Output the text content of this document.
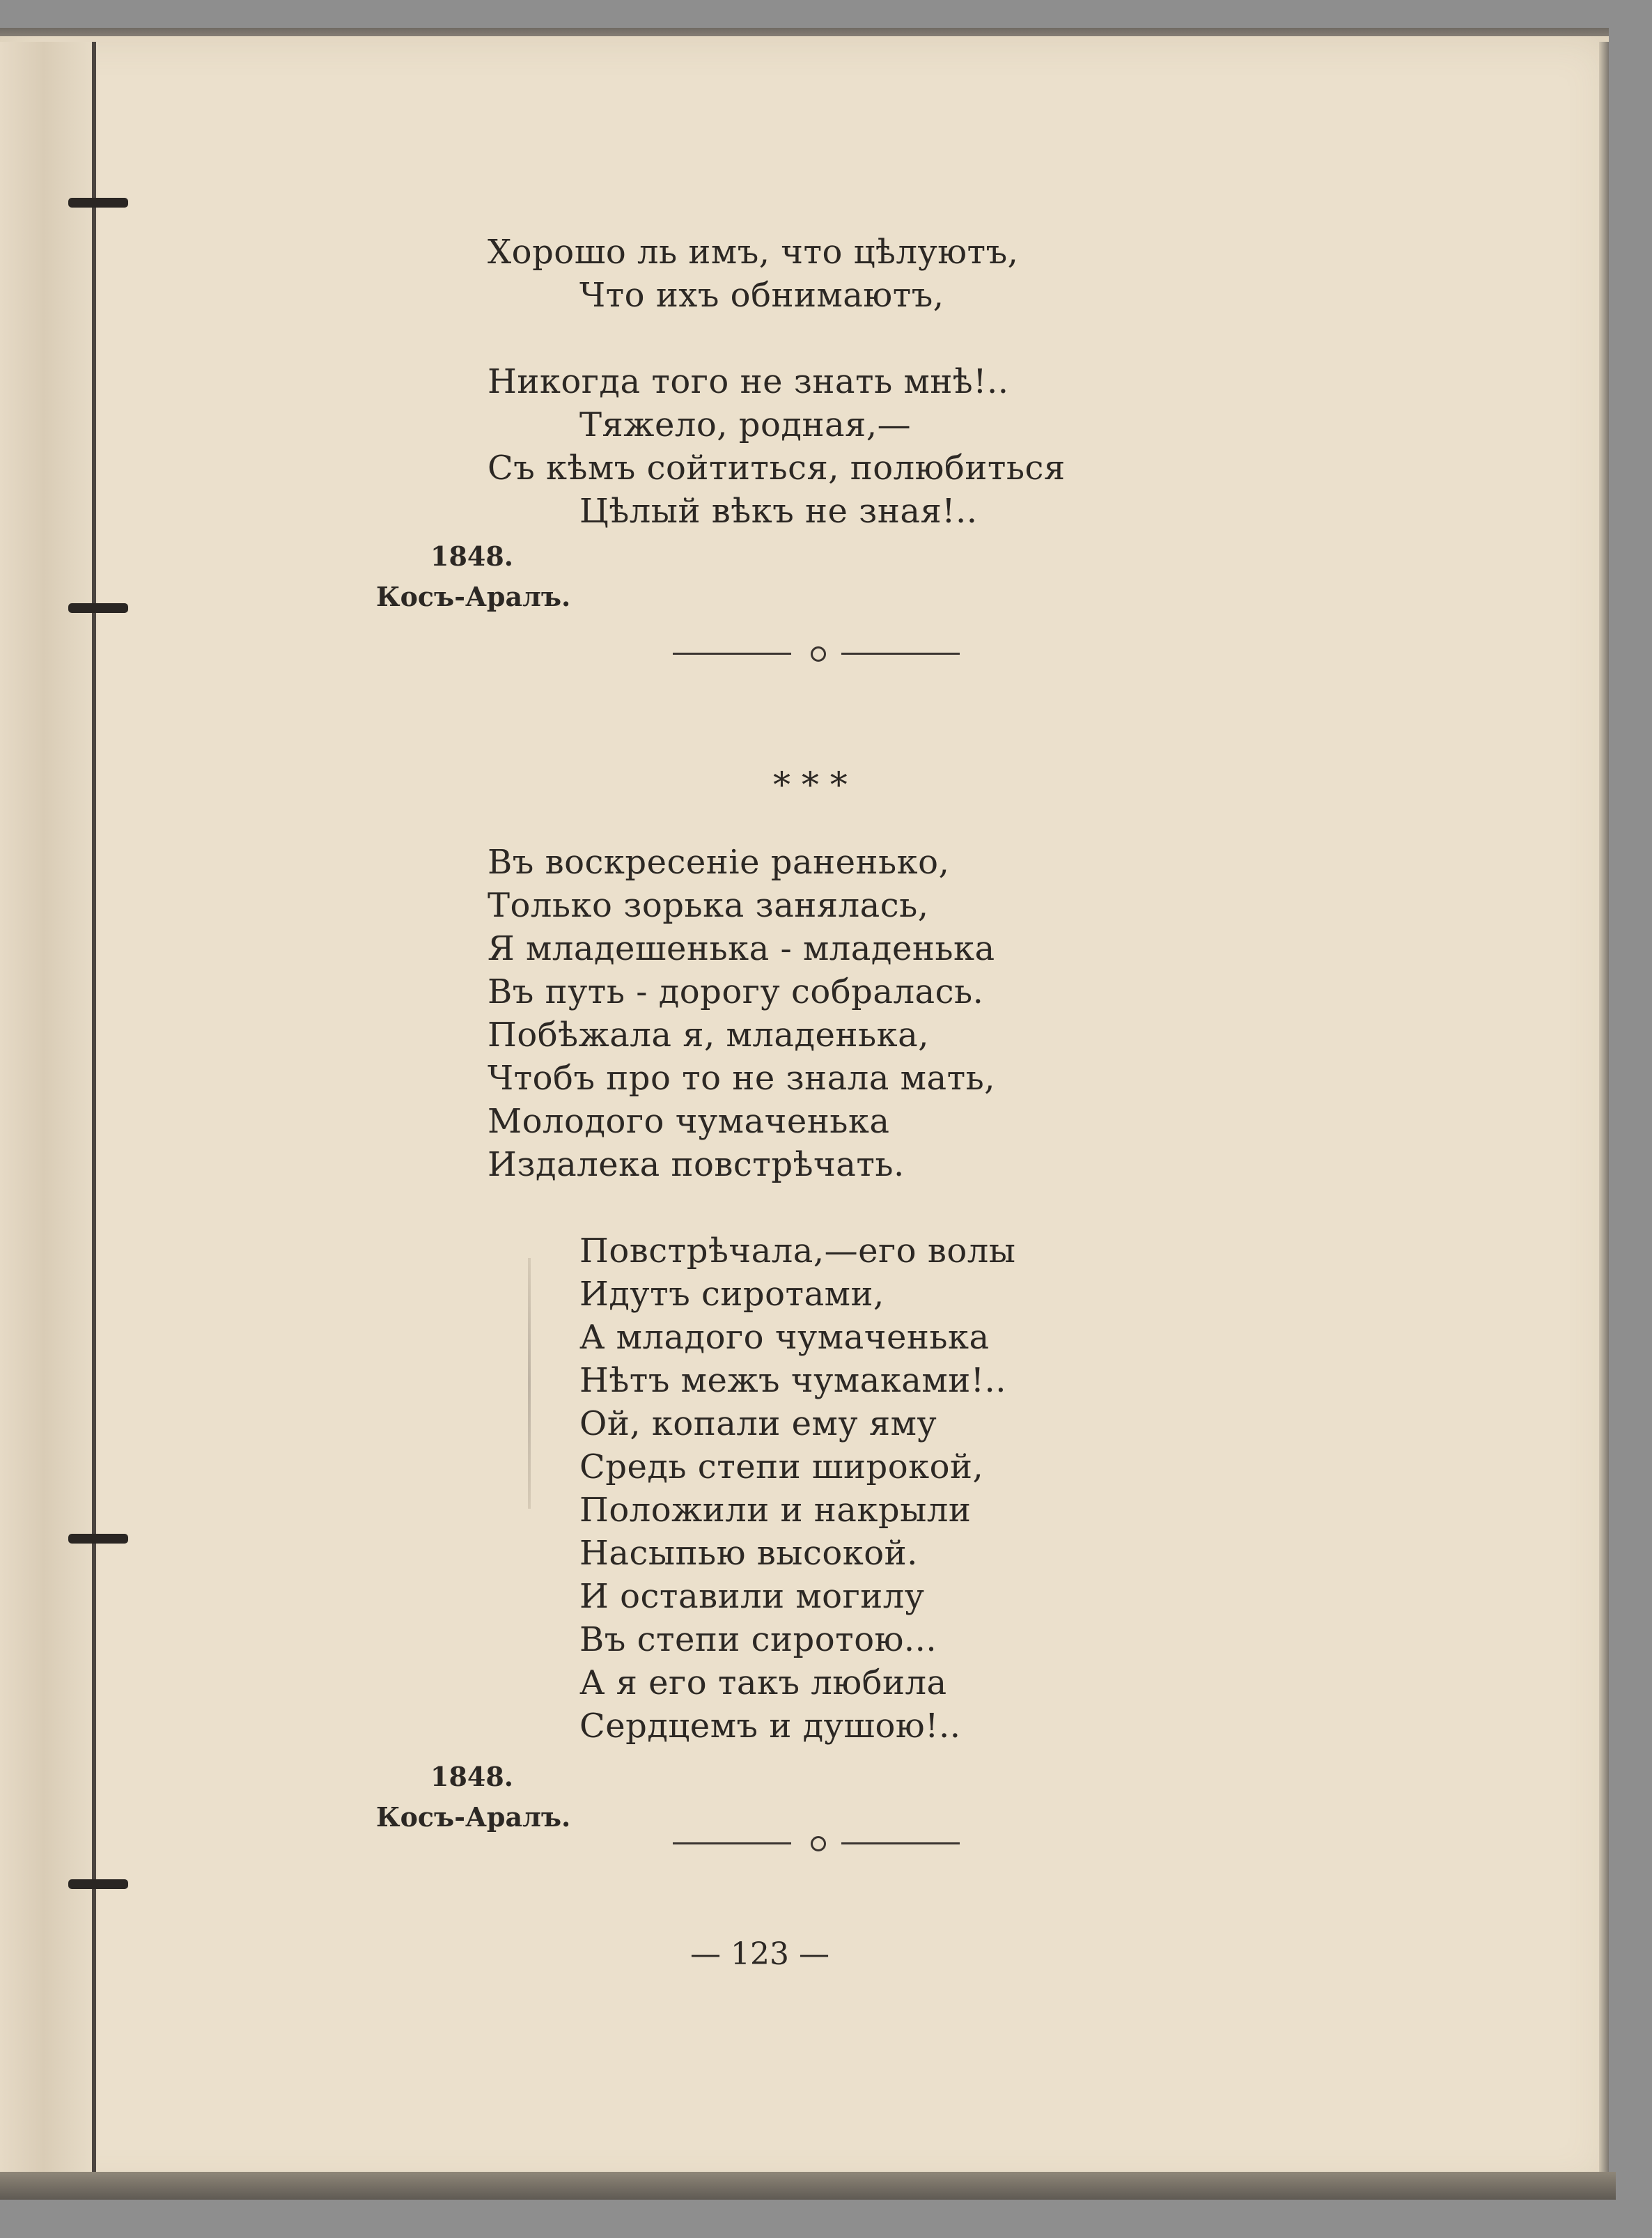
Хорошо ль имъ, что цѣлуютъ,
Что ихъ обнимаютъ,
Никогда того не знать мнѣ!..
Тяжело, родная,—
Съ кѣмъ сойтиться, полюбиться
Цѣлый вѣкъ не зная!..
1848.
Косъ-Аралъ.
* * *
Въ воскресеніе раненько,
Только зорька занялась,
Я младешенька - младенька
Въ путь - дорогу собралась.
Побѣжала я, младенька,
Чтобъ про то не знала мать,
Молодого чумаченька
Издалека повстрѣчать.
Повстрѣчала,—его волы
Идутъ сиротами,
А младого чумаченька
Нѣтъ межъ чумаками!..
Ой, копали ему яму
Средь степи широкой,
Положили и накрыли
Насыпью высокой.
И оставили могилу
Въ степи сиротою...
А я его такъ любила
Сердцемъ и душою!..
1848.
Косъ-Аралъ.
— 123 —
